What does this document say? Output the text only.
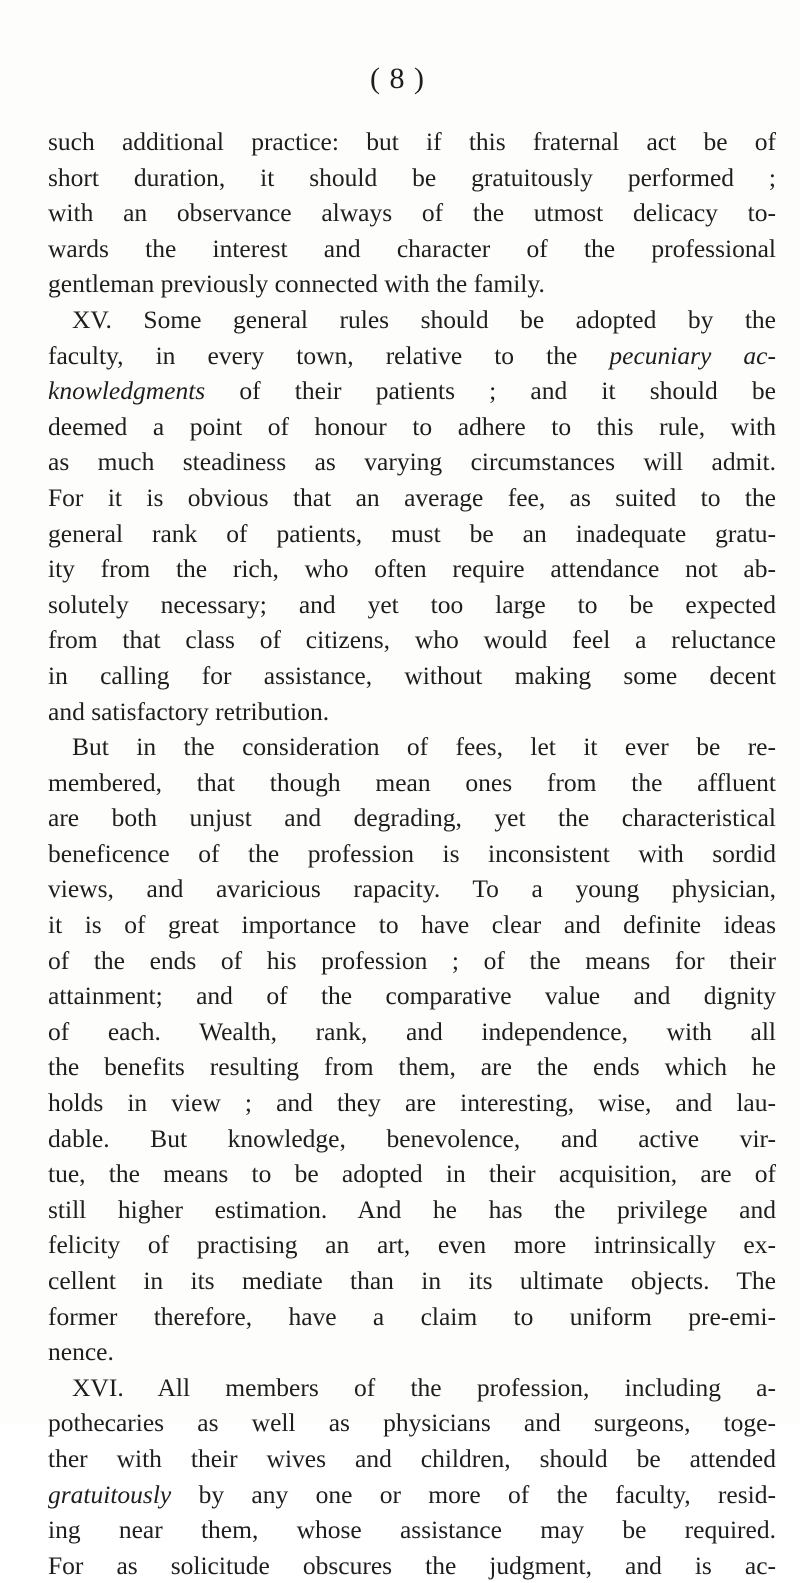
( 8 )
such additional practice: but if this fraternal act be of
short duration, it should be gratuitously performed ;
with an observance always of the utmost delicacy to-
wards the interest and character of the professional
gentleman previously connected with the family.
XV. Some general rules should be adopted by the
faculty, in every town, relative to the pecuniary ac-
knowledgments of their patients ; and it should be
deemed a point of honour to adhere to this rule, with
as much steadiness as varying circumstances will admit.
For it is obvious that an average fee, as suited to the
general rank of patients, must be an inadequate gratu-
ity from the rich, who often require attendance not ab-
solutely necessary; and yet too large to be expected
from that class of citizens, who would feel a reluctance
in calling for assistance, without making some decent
and satisfactory retribution.
But in the consideration of fees, let it ever be re-
membered, that though mean ones from the affluent
are both unjust and degrading, yet the characteristical
beneficence of the profession is inconsistent with sordid
views, and avaricious rapacity. To a young physician,
it is of great importance to have clear and definite ideas
of the ends of his profession ; of the means for their
attainment; and of the comparative value and dignity
of each. Wealth, rank, and independence, with all
the benefits resulting from them, are the ends which he
holds in view ; and they are interesting, wise, and lau-
dable. But knowledge, benevolence, and active vir-
tue, the means to be adopted in their acquisition, are of
still higher estimation. And he has the privilege and
felicity of practising an art, even more intrinsically ex-
cellent in its mediate than in its ultimate objects. The
former therefore, have a claim to uniform pre-emi-
nence.
XVI. All members of the profession, including a-
pothecaries as well as physicians and surgeons, toge-
ther with their wives and children, should be attended
gratuitously by any one or more of the faculty, resid-
ing near them, whose assistance may be required.
For as solicitude obscures the judgment, and is ac-
